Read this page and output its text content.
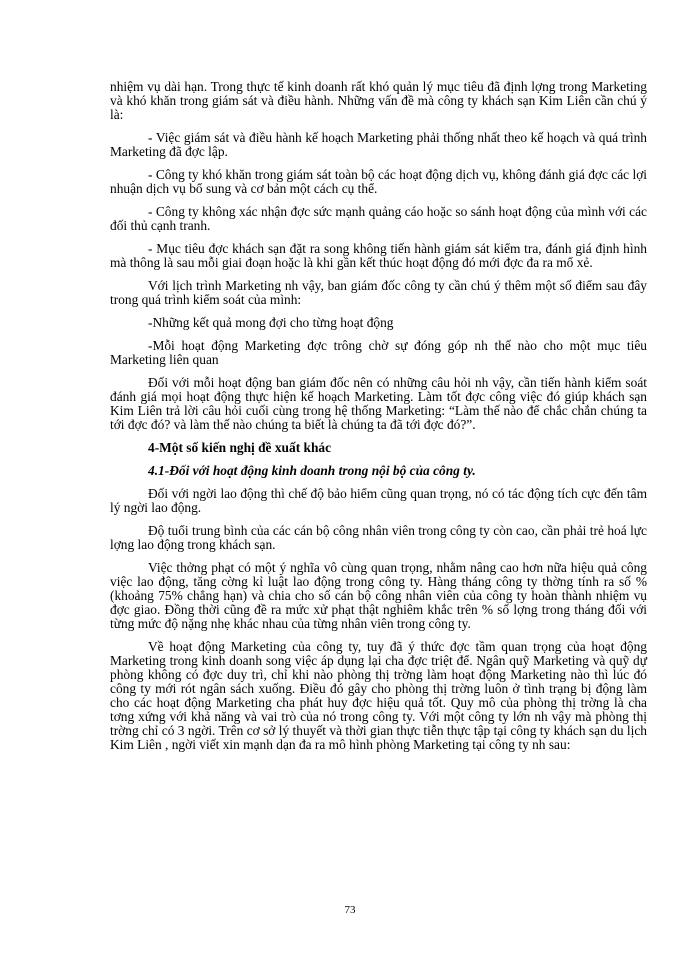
nhiệm vụ dài hạn. Trong thực tế kinh doanh rất khó quản lý mục tiêu đã định lợng trong Marketing và khó khăn trong giám sát và điều hành. Những vấn đề mà công ty khách sạn Kim Liên cần chú ý là:

- Việc giám sát và điều hành kế hoạch Marketing phải thống nhất theo kế hoạch và quá trình Marketing đã đợc lập.

- Công ty khó khăn trong giám sát toàn bộ các hoạt động dịch vụ, không đánh giá đợc các lợi nhuận dịch vụ bổ sung và cơ bản một cách cụ thể.

- Công ty không xác nhận đợc sức mạnh quảng cáo hoặc so sánh hoạt động của mình với các đối thủ cạnh tranh.

- Mục tiêu đợc khách sạn đặt ra song không tiến hành giám sát kiểm tra, đánh giá định hình mà thông là sau mỗi giai đoạn hoặc là khi gần kết thúc hoạt động đó mới đợc đa ra mổ xẻ.

Với lịch trình Marketing nh vậy, ban giám đốc công ty cần chú ý thêm một số điểm sau đây trong quá trình kiểm soát của mình:

-Những kết quả mong đợi cho từng hoạt động

-Mỗi hoạt động Marketing đợc trông chờ sự đóng góp nh thế nào cho một mục tiêu Marketing liên quan

Đối với mỗi hoạt động ban giám đốc nên có những câu hỏi nh vậy, cần tiến hành kiểm soát đánh giá mọi hoạt động thực hiện kế hoạch Marketing. Làm tốt đợc công việc đó giúp khách sạn Kim Liên trả lời câu hỏi cuối cùng trong hệ thống Marketing: “Làm thế nào để chắc chắn chúng ta tới đợc đó? và làm thế nào chúng ta biết là chúng ta đã tới đợc đó?”.

4-Một số kiến nghị đề xuất khác

4.1-Đối với hoạt động kinh doanh trong nội bộ của công ty.

Đối với ngời lao động thì chế độ bảo hiểm cũng quan trọng, nó có tác động tích cực đến tâm lý ngời lao động.

Độ tuổi trung bình của các cán bộ công nhân viên trong công ty còn cao, cần phải trẻ hoá lực lợng lao động trong khách sạn.

Việc thởng phạt có một ý nghĩa vô cùng quan trọng, nhằm nâng cao hơn nữa hiệu quả công việc lao động, tăng cờng kỉ luật lao động trong công ty. Hàng tháng công ty thờng tính ra số %(khoảng 75% chẳng hạn) và chia cho số cán bộ công nhân viên của công ty hoàn thành nhiệm vụ đợc giao. Đồng thời cũng đề ra mức xử phạt thật nghiêm khắc trên % số lợng trong tháng đối với từng mức độ nặng nhẹ khác nhau của từng nhân viên trong công ty.

Về hoạt động Marketing của công ty, tuy đã ý thức đợc tầm quan trọng của hoạt động Marketing trong kinh doanh song việc áp dụng lại cha đợc triệt để. Ngân quỹ Marketing và quỹ dự phòng không có đợc duy trì, chỉ khi nào phòng thị trờng làm hoạt động Marketing nào thì lúc đó công ty mới rót ngân sách xuống. Điều đó gây cho phòng thị trờng luôn ở tình trạng bị động làm cho các hoạt động Marketing cha phát huy đợc hiệu quả tốt. Quy mô của phòng thị trờng là cha tơng xứng với khả năng và vai trò của nó trong công ty. Với một công ty lớn nh vậy mà phòng thị trờng chỉ có 3 ngời. Trên cơ sở lý thuyết và thời gian thực tiễn thực tập tại công ty khách sạn du lịch Kim Liên , ngời viết xin mạnh dạn đa ra mô hình phòng Marketing tại công ty nh sau:

73
